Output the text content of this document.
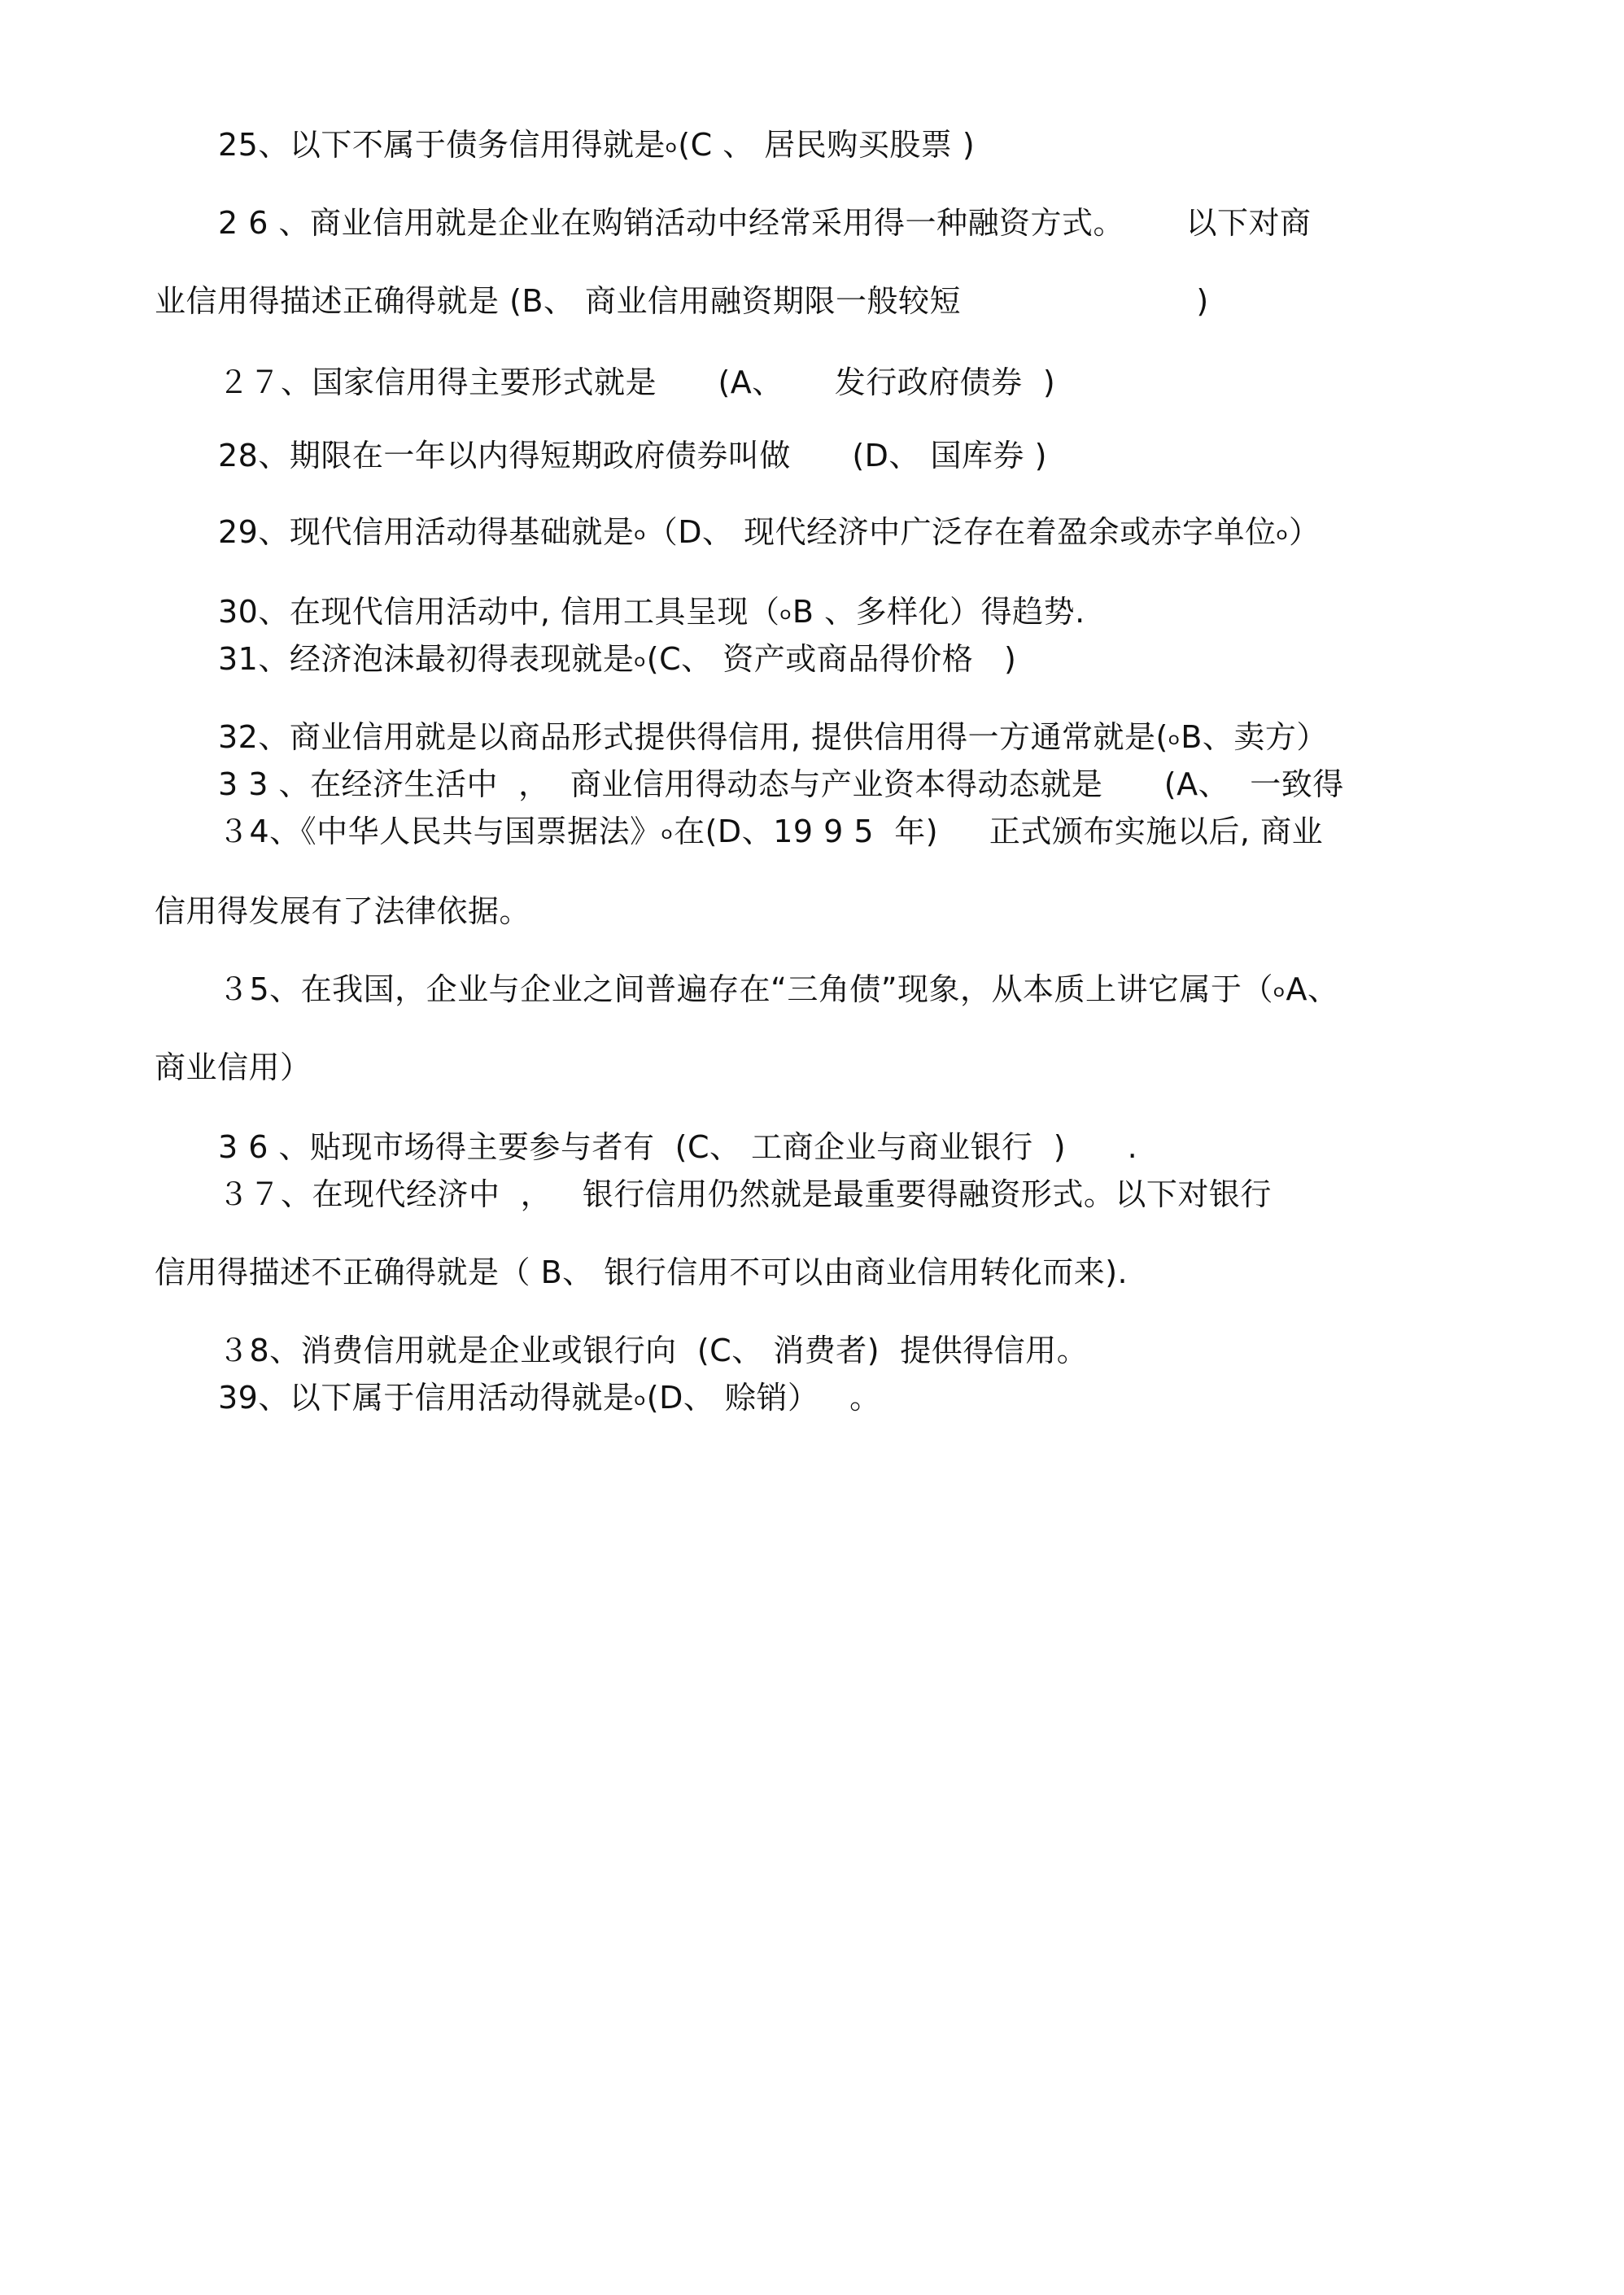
25、以下不属于债务信用得就是৹(C 、 居民购买股票 )
2 6 、商业信用就是企业在购销活动中经常采用得一种融资方式。      以下对商
业信用得描述正确得就是 (B、 商业信用融资期限一般较短                       )
２７、国家信用得主要形式就是      (A、     发行政府债券  )
28、期限在一年以内得短期政府债券叫做      (D、 国库券 )
29、现代信用活动得基础就是৹（D、 现代经济中广泛存在着盈余或赤字单位৹）
30、在现代信用活动中, 信用工具呈现（৹B 、多样化）得趋势.
31、经济泡沫最初得表现就是৹(C、 资产或商品得价格   )
32、商业信用就是以商品形式提供得信用, 提供信用得一方通常就是(৹B、卖方）
3 3 、在经济生活中  ，  商业信用得动态与产业资本得动态就是      (A、  一致得
３4、《中华人民共与国票据法》৹在(D、19 9 5  年)     正式颁布实施以后, 商业
信用得发展有了法律依据。
３5、在我国，企业与企业之间普遍存在“三角债”现象，从本质上讲它属于（৹A、
商业信用）
3 6 、贴现市场得主要参与者有  (C、 工商企业与商业银行  )      .
３７、在现代经济中  ，   银行信用仍然就是最重要得融资形式。以下对银行
信用得描述不正确得就是（ B、 银行信用不可以由商业信用转化而来).
３8、消费信用就是企业或银行向  (C、 消费者)  提供得信用。
39、以下属于信用活动得就是৹(D、 赊销）   。
